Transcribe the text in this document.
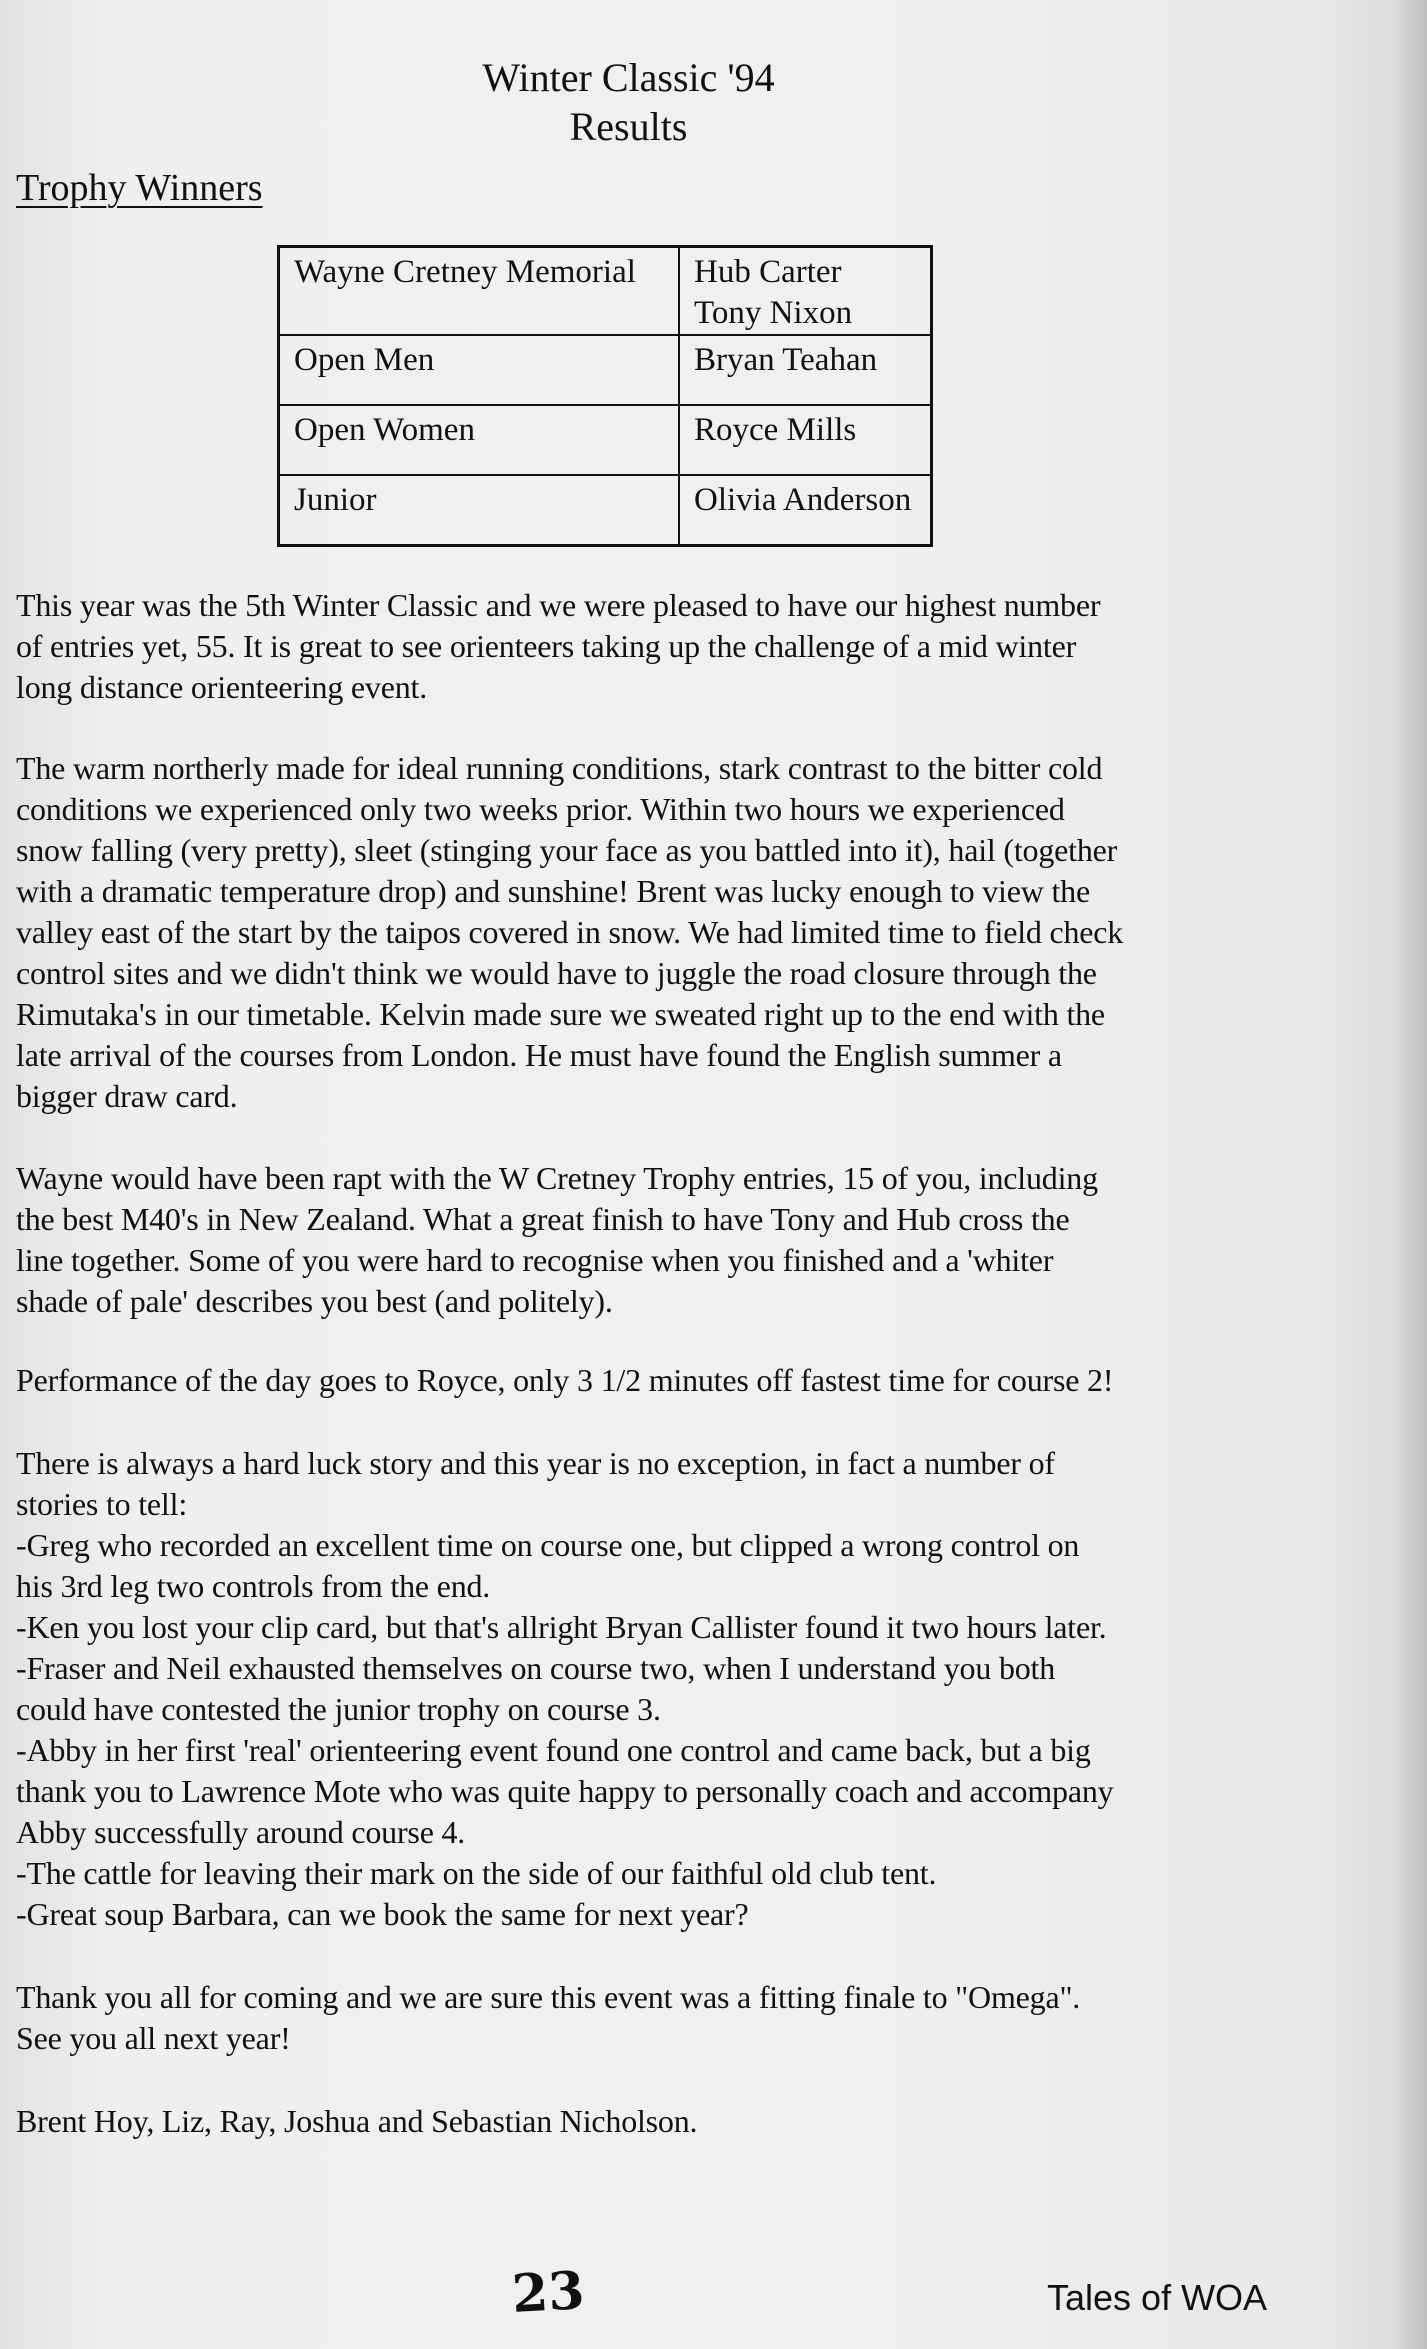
Winter Classic '94
Results
Trophy Winners
Wayne Cretney Memorial	Hub Carter
Tony Nixon
Open Men	Bryan Teahan
Open Women	Royce Mills
Junior	Olivia Anderson

This year was the 5th Winter Classic and we were pleased to have our highest number
of entries yet, 55. It is great to see orienteers taking up the challenge of a mid winter
long distance orienteering event.

The warm northerly made for ideal running conditions, stark contrast to the bitter cold
conditions we experienced only two weeks prior. Within two hours we experienced
snow falling (very pretty), sleet (stinging your face as you battled into it), hail (together
with a dramatic temperature drop) and sunshine! Brent was lucky enough to view the
valley east of the start by the taipos covered in snow. We had limited time to field check
control sites and we didn't think we would have to juggle the road closure through the
Rimutaka's in our timetable. Kelvin made sure we sweated right up to the end with the
late arrival of the courses from London. He must have found the English summer a
bigger draw card.

Wayne would have been rapt with the W Cretney Trophy entries, 15 of you, including
the best M40's in New Zealand. What a great finish to have Tony and Hub cross the
line together. Some of you were hard to recognise when you finished and a 'whiter
shade of pale' describes you best (and politely).

Performance of the day goes to Royce, only 3 1/2 minutes off fastest time for course 2!

There is always a hard luck story and this year is no exception, in fact a number of
stories to tell:
-Greg who recorded an excellent time on course one, but clipped a wrong control on
his 3rd leg two controls from the end.
-Ken you lost your clip card, but that's allright Bryan Callister found it two hours later.
-Fraser and Neil exhausted themselves on course two, when I understand you both
could have contested the junior trophy on course 3.
-Abby in her first 'real' orienteering event found one control and came back, but a big
thank you to Lawrence Mote who was quite happy to personally coach and accompany
Abby successfully around course 4.
-The cattle for leaving their mark on the side of our faithful old club tent.
-Great soup Barbara, can we book the same for next year?

Thank you all for coming and we are sure this event was a fitting finale to "Omega".
See you all next year!

Brent Hoy, Liz, Ray, Joshua and Sebastian Nicholson.

23	Tales of WOA
